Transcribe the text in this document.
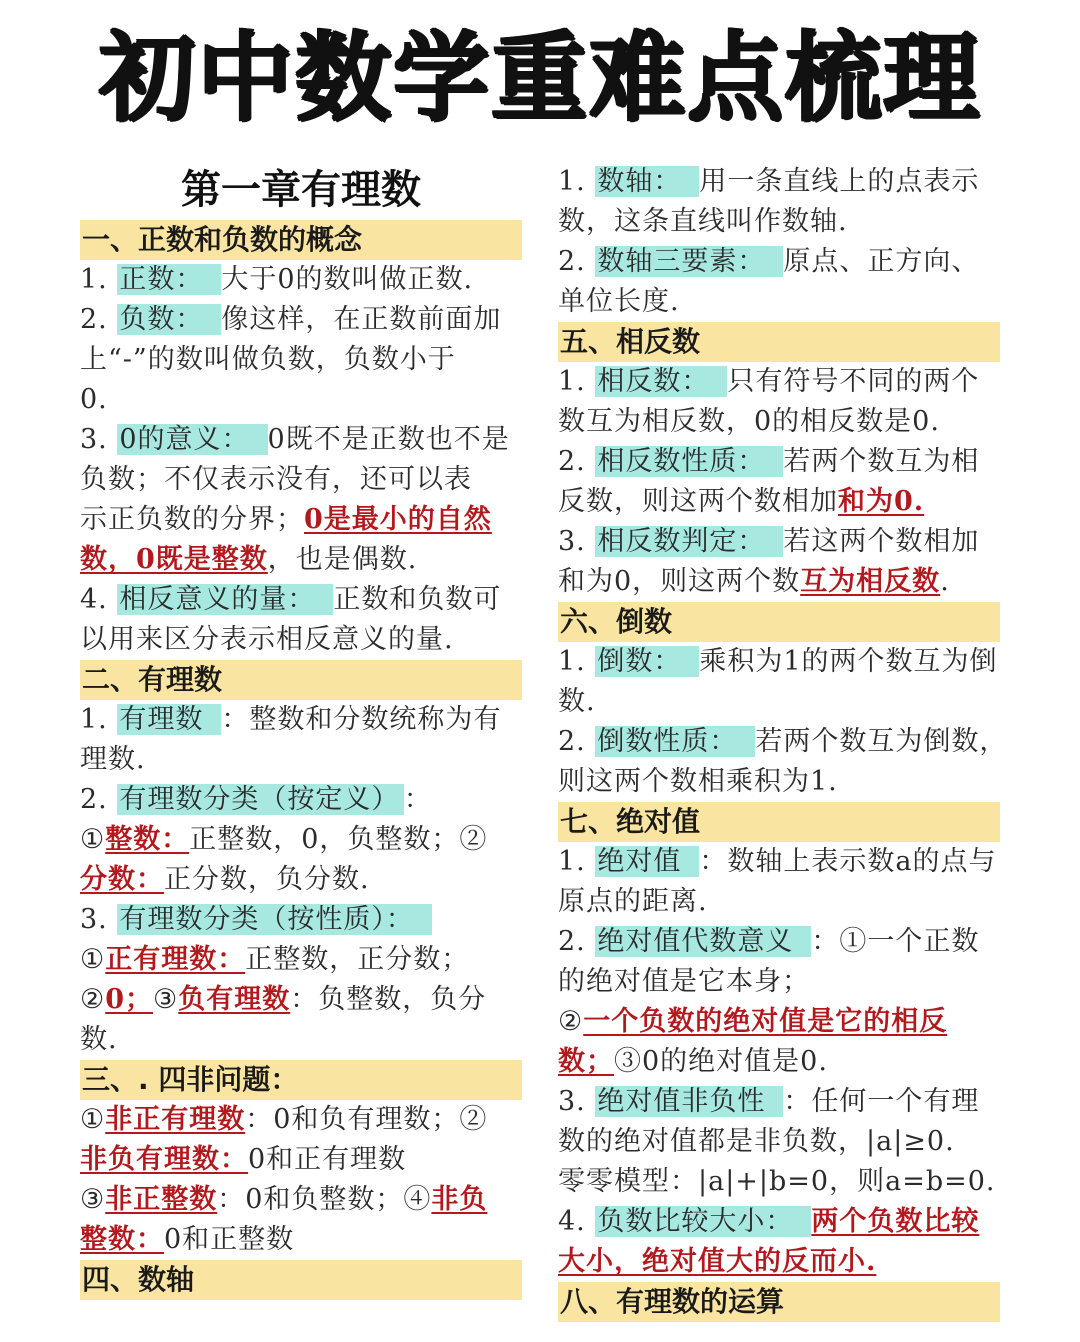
初中数学重难点梳理
第一章有理数
一、正数和负数的概念
1. 正数： 大于0的数叫做正数.
2. 负数： 像这样，在正数前面加
上“-”的数叫做负数，负数小于
0.
3. 0的意义： 0既不是正数也不是
负数；不仅表示没有，还可以表
示正负数的分界；0是最小的自然
数，0既是整数，也是偶数.
4. 相反意义的量： 正数和负数可
以用来区分表示相反意义的量.
二、有理数
1. 有理数 ：整数和分数统称为有
理数.
2. 有理数分类（按定义） ：
①整数：正整数，0，负整数；②
分数：正分数，负分数.
3. 有理数分类（按性质）：
①正有理数：正整数，正分数；
②0；③负有理数：负整数，负分
数.
三、. 四非问题：
①非正有理数：0和负有理数；②
非负有理数：0和正有理数
③非正整数：0和负整数；④非负
整数：0和正整数
四、数轴
1. 数轴： 用一条直线上的点表示
数，这条直线叫作数轴.
2. 数轴三要素： 原点、正方向、
单位长度.
五、相反数
1. 相反数： 只有符号不同的两个
数互为相反数，0的相反数是0.
2. 相反数性质： 若两个数互为相
反数，则这两个数相加和为0.
3. 相反数判定： 若这两个数相加
和为0，则这两个数互为相反数.
六、倒数
1. 倒数： 乘积为1的两个数互为倒
数.
2. 倒数性质： 若两个数互为倒数，
则这两个数相乘积为1.
七、绝对值
1. 绝对值 ：数轴上表示数a的点与
原点的距离.
2. 绝对值代数意义 ：①一个正数
的绝对值是它本身；
②一个负数的绝对值是它的相反
数；③0的绝对值是0.
3. 绝对值非负性 ：任何一个有理
数的绝对值都是非负数，|a|≥0.
零零模型：|a|+|b=0，则a=b=0.
4. 负数比较大小： 两个负数比较
大小，绝对值大的反而小.
八、有理数的运算
